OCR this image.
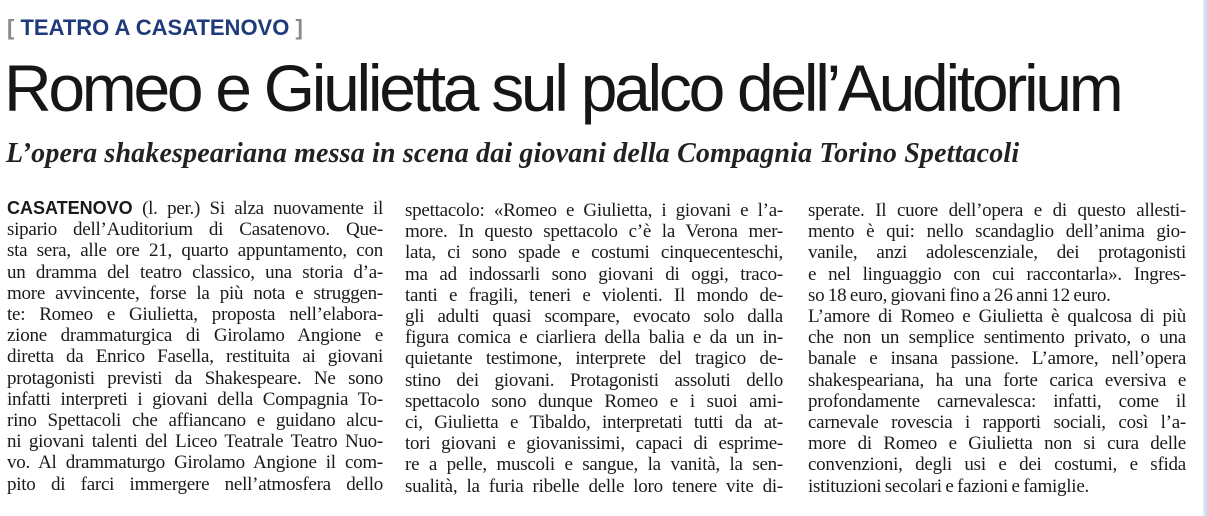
[ TEATRO A CASATENOVO ]
Romeo e Giulietta sul palco dell’Auditorium
L’opera shakespeariana messa in scena dai giovani della Compagnia Torino Spettacoli
CASATENOVO (l. per.) Si alza nuovamente il
sipario dell’Auditorium di Casatenovo. Que-
sta sera, alle ore 21, quarto appuntamento, con
un dramma del teatro classico, una storia d’a-
more avvincente, forse la più nota e struggen-
te: Romeo e Giulietta, proposta nell’elabora-
zione drammaturgica di Girolamo Angione e
diretta da Enrico Fasella, restituita ai giovani
protagonisti previsti da Shakespeare. Ne sono
infatti interpreti i giovani della Compagnia To-
rino Spettacoli che affiancano e guidano alcu-
ni giovani talenti del Liceo Teatrale Teatro Nuo-
vo. Al drammaturgo Girolamo Angione il com-
pito di farci immergere nell’atmosfera dello
spettacolo: «Romeo e Giulietta, i giovani e l’a-
more. In questo spettacolo c’è la Verona mer-
lata, ci sono spade e costumi cinquecenteschi,
ma ad indossarli sono giovani di oggi, traco-
tanti e fragili, teneri e violenti. Il mondo de-
gli adulti quasi scompare, evocato solo dalla
figura comica e ciarliera della balia e da un in-
quietante testimone, interprete del tragico de-
stino dei giovani. Protagonisti assoluti dello
spettacolo sono dunque Romeo e i suoi ami-
ci, Giulietta e Tibaldo, interpretati tutti da at-
tori giovani e giovanissimi, capaci di esprime-
re a pelle, muscoli e sangue, la vanità, la sen-
sualità, la furia ribelle delle loro tenere vite di-
sperate. Il cuore dell’opera e di questo allesti-
mento è qui: nello scandaglio dell’anima gio-
vanile, anzi adolescenziale, dei protagonisti
e nel linguaggio con cui raccontarla». Ingres-
so 18 euro, giovani fino a 26 anni 12 euro.
L’amore di Romeo e Giulietta è qualcosa di più
che non un semplice sentimento privato, o una
banale e insana passione. L’amore, nell’opera
shakespeariana, ha una forte carica eversiva e
profondamente carnevalesca: infatti, come il
carnevale rovescia i rapporti sociali, così l’a-
more di Romeo e Giulietta non si cura delle
convenzioni, degli usi e dei costumi, e sfida
istituzioni secolari e fazioni e famiglie.
